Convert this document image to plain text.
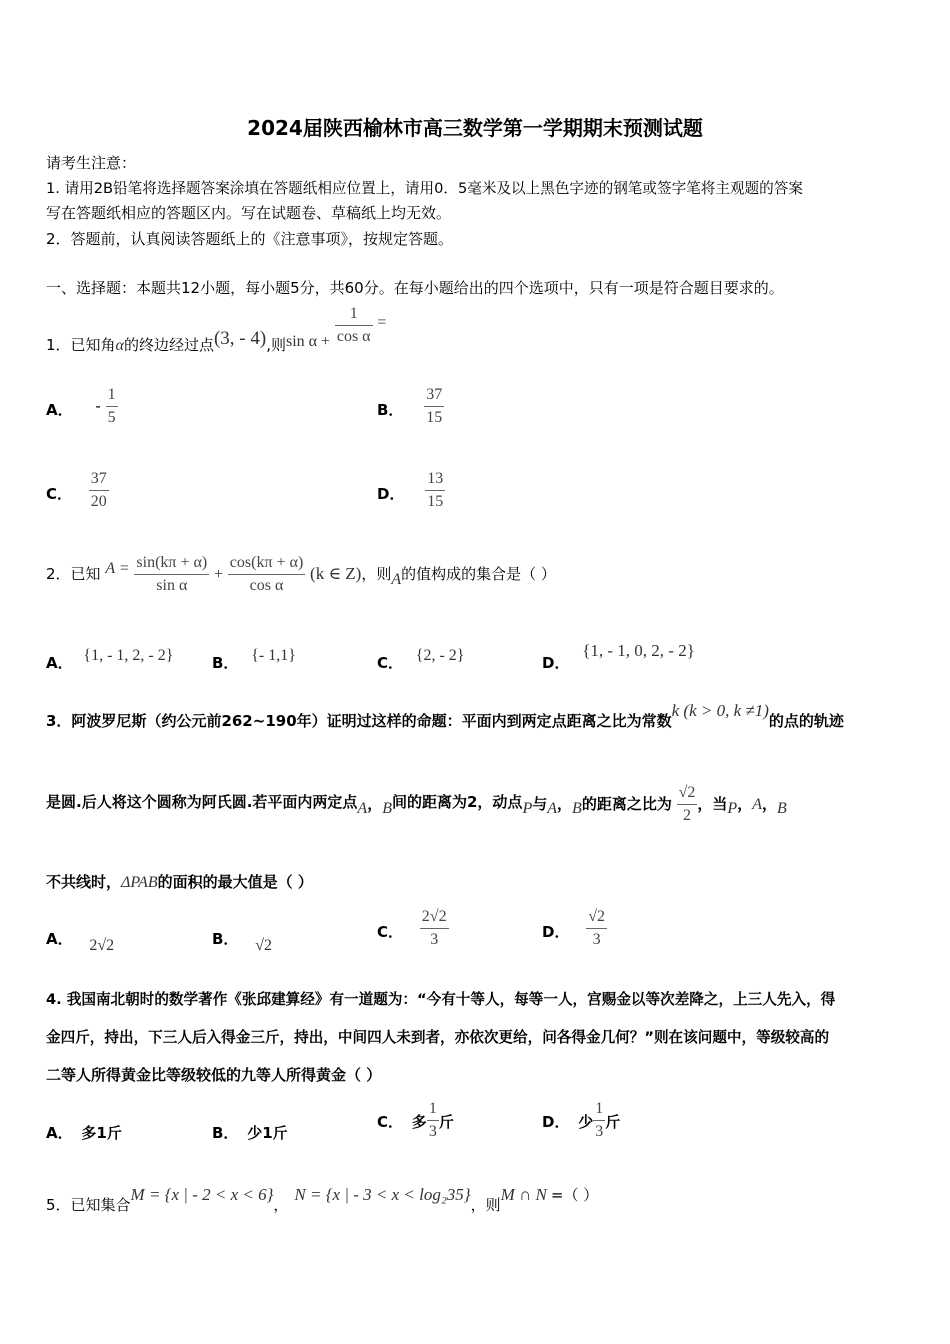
2024届陕西榆林市高三数学第一学期期末预测试题
请考生注意：
1. 请用2B铅笔将选择题答案涂填在答题纸相应位置上，请用0．5毫米及以上黑色字迹的钢笔或签字笔将主观题的答案
写在答题纸相应的答题区内。写在试题卷、草稿纸上均无效。
2．答题前，认真阅读答题纸上的《注意事项》，按规定答题。
一、选择题：本题共12小题，每小题5分，共60分。在每小题给出的四个选项中，只有一项是符合题目要求的。
1．已知角α的终边经过点(3, - 4),则$\sin \alpha + \frac{1}{\text{cos α}}$ =
A． - $\frac{1}{5}$	B． $\frac{37}{15}$
C． $\frac{37}{20}$	D． $\frac{13}{15}$
2．已知 $A = \frac{\sin(k\pi + \alpha)}{\text{sin α}} + \frac{\cos(k\pi + \alpha)}{\text{cos α}} (k$ ∈ Z)，则A的值构成的集合是（ ）
A． {1, - 1, 2, - 2}	B． {- 1,1}	C． {2, - 2}	D． {1, - 1, 0, 2, - 2}
3．阿波罗尼斯（约公元前262~190年）证明过这样的命题：平面内到两定点距离之比为常数k (k > 0, k ≠1)的点的轨迹
是圆.后人将这个圆称为阿氏圆.若平面内两定点A，B间的距离为2，动点P与A，B的距离之比为 $\frac{√2}{2}$ ，当P，A，B
不共线时，ΔPAB的面积的最大值是（ ）
A． 2√2	B． √2
C． $\frac{2√2}{3}$	D． $\frac{√2}{3}$
4. 我国南北朝时的数学著作《张邱建算经》有一道题为：“今有十等人，每等一人，宫赐金以等次差降之，上三人先入，得
金四斤，持出，下三人后入得金三斤，持出，中间四人未到者，亦依次更给，问各得金几何？”则在该问题中，等级较高的
二等人所得黄金比等级较低的九等人所得黄金（ ）
A． 多1斤	B． 少1斤
C． 多 $\frac{1}{3}$ 斤	D． 少 $\frac{1}{3}$ 斤
5．已知集合M = {x | - 2 < x < 6}，N = {x | - 3 < x < log₂35}，则M ∩ N =（ ）
